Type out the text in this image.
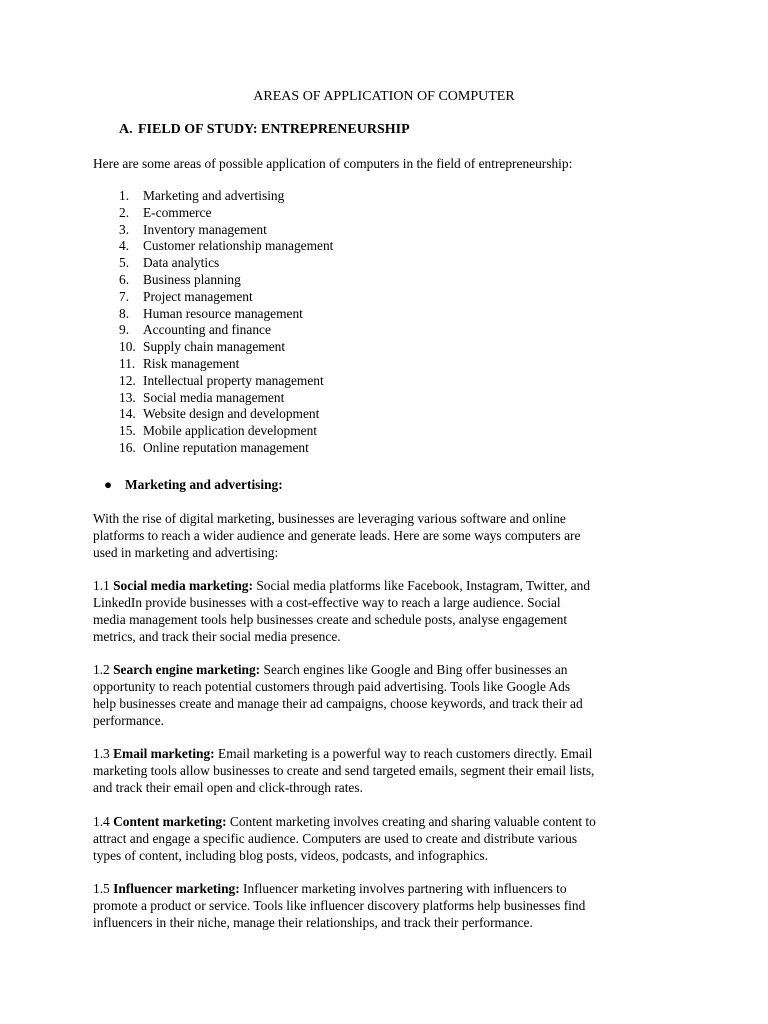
AREAS OF APPLICATION OF COMPUTER
A. FIELD OF STUDY: ENTREPRENEURSHIP
Here are some areas of possible application of computers in the field of entrepreneurship:
1. Marketing and advertising
2. E-commerce
3. Inventory management
4. Customer relationship management
5. Data analytics
6. Business planning
7. Project management
8. Human resource management
9. Accounting and finance
10. Supply chain management
11. Risk management
12. Intellectual property management
13. Social media management
14. Website design and development
15. Mobile application development
16. Online reputation management
● Marketing and advertising:

With the rise of digital marketing, businesses are leveraging various software and online
platforms to reach a wider audience and generate leads. Here are some ways computers are
used in marketing and advertising:

1.1 Social media marketing: Social media platforms like Facebook, Instagram, Twitter, and
LinkedIn provide businesses with a cost-effective way to reach a large audience. Social
media management tools help businesses create and schedule posts, analyse engagement
metrics, and track their social media presence.

1.2 Search engine marketing: Search engines like Google and Bing offer businesses an
opportunity to reach potential customers through paid advertising. Tools like Google Ads
help businesses create and manage their ad campaigns, choose keywords, and track their ad
performance.

1.3 Email marketing: Email marketing is a powerful way to reach customers directly. Email
marketing tools allow businesses to create and send targeted emails, segment their email lists,
and track their email open and click-through rates.

1.4 Content marketing: Content marketing involves creating and sharing valuable content to
attract and engage a specific audience. Computers are used to create and distribute various
types of content, including blog posts, videos, podcasts, and infographics.

1.5 Influencer marketing: Influencer marketing involves partnering with influencers to
promote a product or service. Tools like influencer discovery platforms help businesses find
influencers in their niche, manage their relationships, and track their performance.
